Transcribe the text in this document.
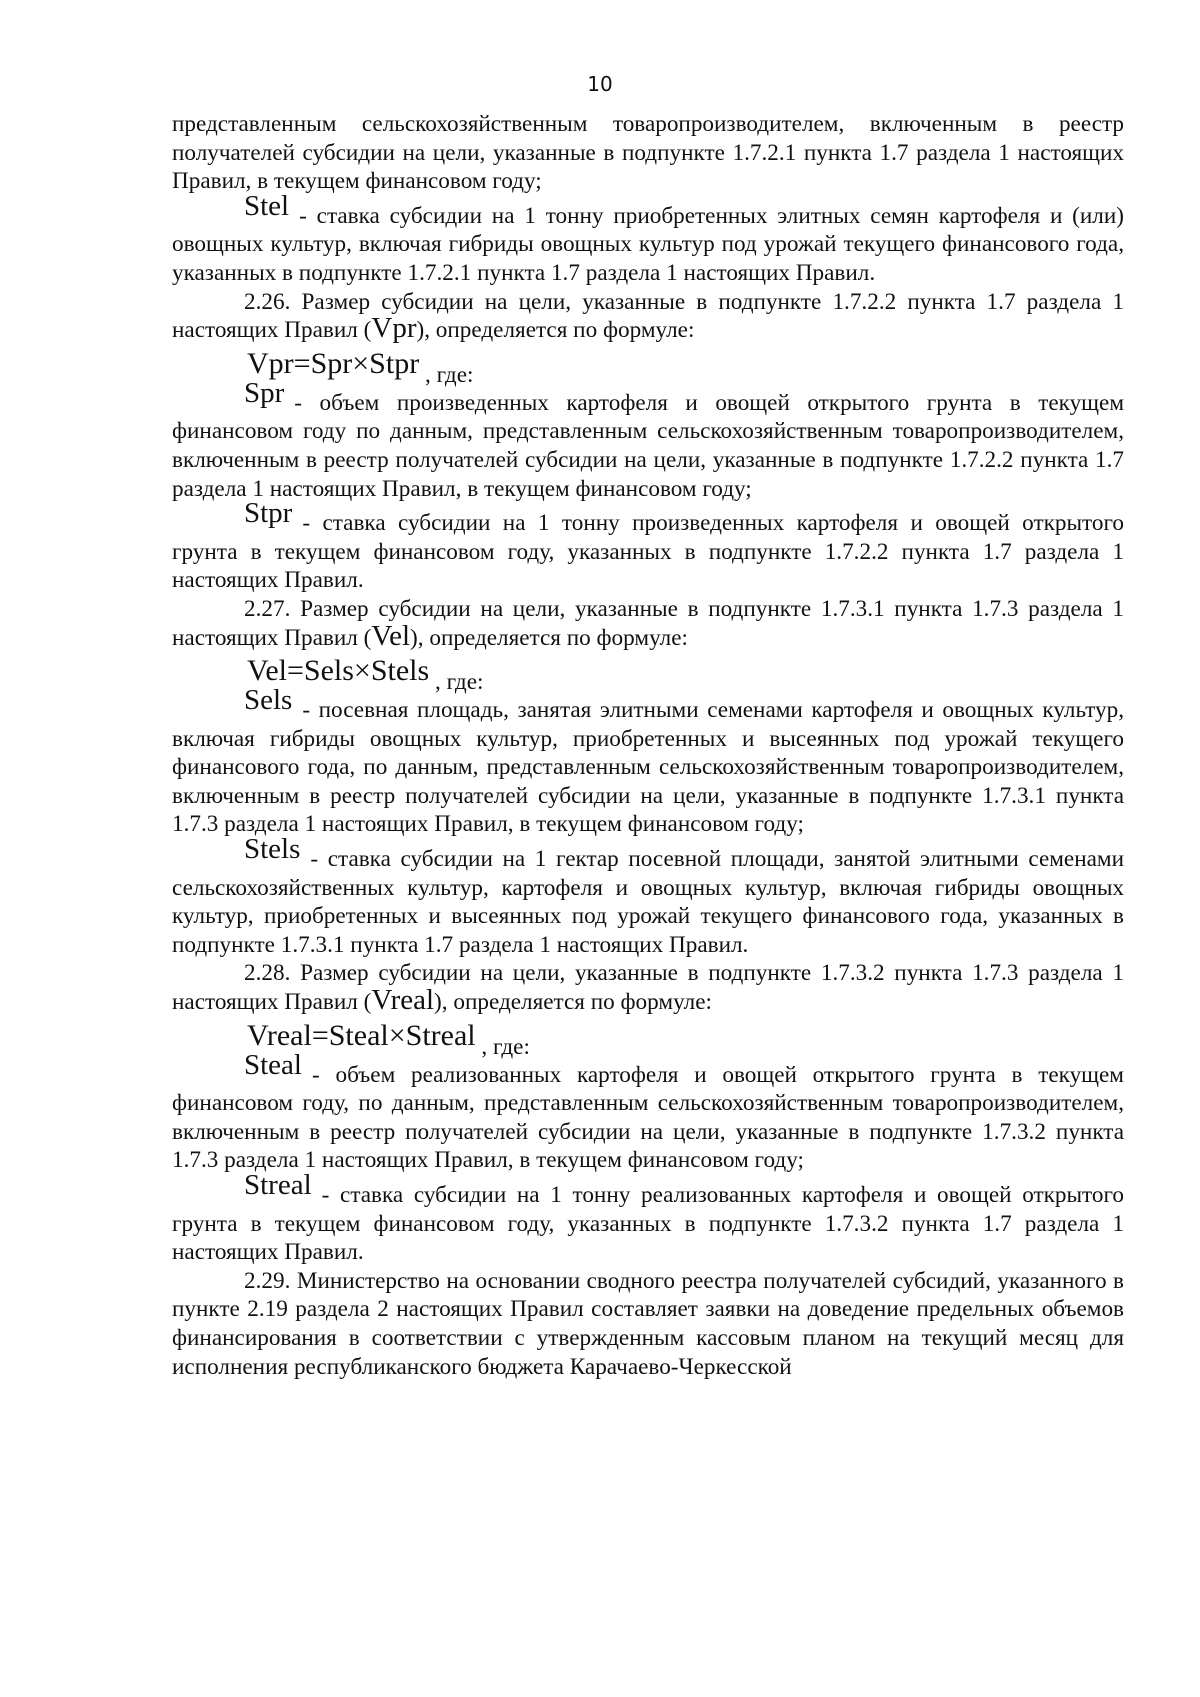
10

представленным сельскохозяйственным товаропроизводителем, включенным в реестр получателей субсидии на цели, указанные в подпункте 1.7.2.1 пункта 1.7 раздела 1 настоящих Правил, в текущем финансовом году;

Stel - ставка субсидии на 1 тонну приобретенных элитных семян картофеля и (или) овощных культур, включая гибриды овощных культур под урожай текущего финансового года, указанных в подпункте 1.7.2.1 пункта 1.7 раздела 1 настоящих Правил.

2.26. Размер субсидии на цели, указанные в подпункте 1.7.2.2 пункта 1.7 раздела 1 настоящих Правил (Vpr), определяется по формуле:

Vpr=Spr×Stpr , где:

Spr - объем произведенных картофеля и овощей открытого грунта в текущем финансовом году по данным, представленным сельскохозяйственным товаропроизводителем, включенным в реестр получателей субсидии на цели, указанные в подпункте 1.7.2.2 пункта 1.7 раздела 1 настоящих Правил, в текущем финансовом году;

Stpr - ставка субсидии на 1 тонну произведенных картофеля и овощей открытого грунта в текущем финансовом году, указанных в подпункте 1.7.2.2 пункта 1.7 раздела 1 настоящих Правил.

2.27. Размер субсидии на цели, указанные в подпункте 1.7.3.1 пункта 1.7.3 раздела 1 настоящих Правил (Vel), определяется по формуле:

Vel=Sels×Stels , где:

Sels - посевная площадь, занятая элитными семенами картофеля и овощных культур, включая гибриды овощных культур, приобретенных и высеянных под урожай текущего финансового года, по данным, представленным сельскохозяйственным товаропроизводителем, включенным в реестр получателей субсидии на цели, указанные в подпункте 1.7.3.1 пункта 1.7.3 раздела 1 настоящих Правил, в текущем финансовом году;

Stels - ставка субсидии на 1 гектар посевной площади, занятой элитными семенами сельскохозяйственных культур, картофеля и овощных культур, включая гибриды овощных культур, приобретенных и высеянных под урожай текущего финансового года, указанных в подпункте 1.7.3.1 пункта 1.7 раздела 1 настоящих Правил.

2.28. Размер субсидии на цели, указанные в подпункте 1.7.3.2 пункта 1.7.3 раздела 1 настоящих Правил (Vreal), определяется по формуле:

Vreal=Steal×Streal , где:

Steal - объем реализованных картофеля и овощей открытого грунта в текущем финансовом году, по данным, представленным сельскохозяйственным товаропроизводителем, включенным в реестр получателей субсидии на цели, указанные в подпункте 1.7.3.2 пункта 1.7.3 раздела 1 настоящих Правил, в текущем финансовом году;

Streal - ставка субсидии на 1 тонну реализованных картофеля и овощей открытого грунта в текущем финансовом году, указанных в подпункте 1.7.3.2 пункта 1.7 раздела 1 настоящих Правил.

2.29. Министерство на основании сводного реестра получателей субсидий, указанного в пункте 2.19 раздела 2 настоящих Правил составляет заявки на доведение предельных объемов финансирования в соответствии с утвержденным кассовым планом на текущий месяц для исполнения республиканского бюджета Карачаево-Черкесской
